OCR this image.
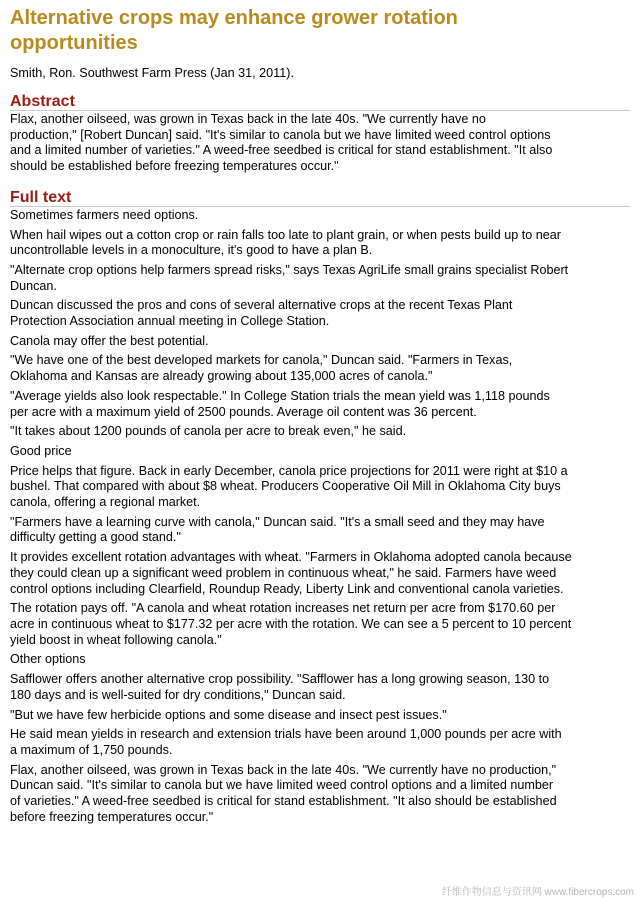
Alternative crops may enhance grower rotation
opportunities
Smith, Ron. Southwest Farm Press (Jan 31, 2011).
Abstract

Flax, another oilseed, was grown in Texas back in the late 40s. "We currently have no
production," [Robert Duncan] said. "It's similar to canola but we have limited weed control options
and a limited number of varieties." A weed-free seedbed is critical for stand establishment. "It also
should be established before freezing temperatures occur."

Full text

Sometimes farmers need options.

When hail wipes out a cotton crop or rain falls too late to plant grain, or when pests build up to near
uncontrollable levels in a monoculture, it's good to have a plan B.

"Alternate crop options help farmers spread risks," says Texas AgriLife small grains specialist Robert
Duncan.

Duncan discussed the pros and cons of several alternative crops at the recent Texas Plant
Protection Association annual meeting in College Station.

Canola may offer the best potential.

"We have one of the best developed markets for canola," Duncan said. "Farmers in Texas,
Oklahoma and Kansas are already growing about 135,000 acres of canola."

"Average yields also look respectable." In College Station trials the mean yield was 1,118 pounds
per acre with a maximum yield of 2500 pounds. Average oil content was 36 percent.

"It takes about 1200 pounds of canola per acre to break even," he said.

Good price

Price helps that figure. Back in early December, canola price projections for 2011 were right at $10 a
bushel. That compared with about $8 wheat. Producers Cooperative Oil Mill in Oklahoma City buys
canola, offering a regional market.

"Farmers have a learning curve with canola," Duncan said. "It's a small seed and they may have
difficulty getting a good stand."

It provides excellent rotation advantages with wheat. "Farmers in Oklahoma adopted canola because
they could clean up a significant weed problem in continuous wheat," he said. Farmers have weed
control options including Clearfield, Roundup Ready, Liberty Link and conventional canola varieties.

The rotation pays off. "A canola and wheat rotation increases net return per acre from $170.60 per
acre in continuous wheat to $177.32 per acre with the rotation. We can see a 5 percent to 10 percent
yield boost in wheat following canola."

Other options

Safflower offers another alternative crop possibility. "Safflower has a long growing season, 130 to
180 days and is well-suited for dry conditions," Duncan said.

"But we have few herbicide options and some disease and insect pest issues."

He said mean yields in research and extension trials have been around 1,000 pounds per acre with
a maximum of 1,750 pounds.

Flax, another oilseed, was grown in Texas back in the late 40s. "We currently have no production,"
Duncan said. "It's similar to canola but we have limited weed control options and a limited number
of varieties." A weed-free seedbed is critical for stand establishment. "It also should be established
before freezing temperatures occur."

纤维作物信息与资讯网 www.fibercrops.com
